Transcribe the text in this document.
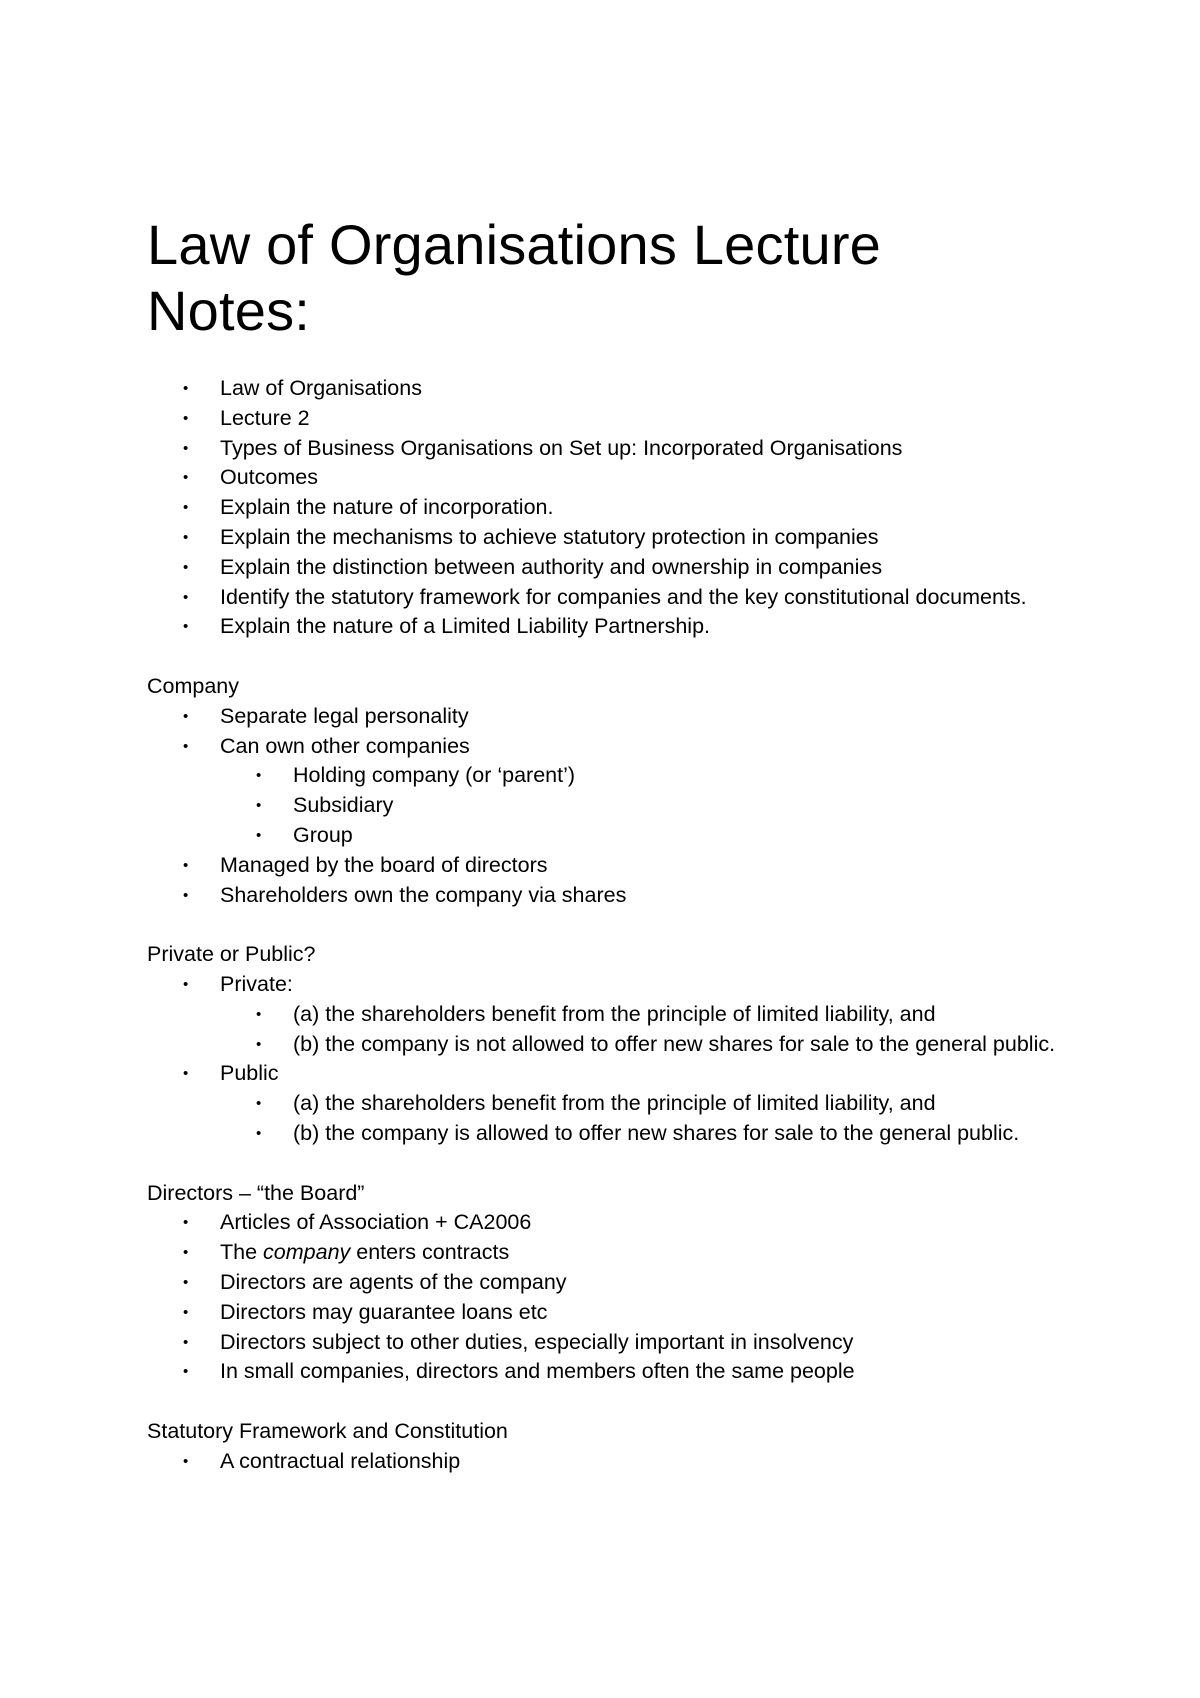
Law of Organisations Lecture
Notes:
• Law of Organisations
• Lecture 2
• Types of Business Organisations on Set up: Incorporated Organisations
• Outcomes
• Explain the nature of incorporation.
• Explain the mechanisms to achieve statutory protection in companies
• Explain the distinction between authority and ownership in companies
• Identify the statutory framework for companies and the key constitutional documents.
• Explain the nature of a Limited Liability Partnership.

Company

• Separate legal personality
• Can own other companies
• Holding company (or ‘parent’)
• Subsidiary
• Group
• Managed by the board of directors
• Shareholders own the company via shares

Private or Public?

• Private:
• (a) the shareholders benefit from the principle of limited liability, and
• (b) the company is not allowed to offer new shares for sale to the general public.
• Public
• (a) the shareholders benefit from the principle of limited liability, and
• (b) the company is allowed to offer new shares for sale to the general public.

Directors – “the Board”

• Articles of Association + CA2006
• The company enters contracts
• Directors are agents of the company
• Directors may guarantee loans etc
• Directors subject to other duties, especially important in insolvency
• In small companies, directors and members often the same people

Statutory Framework and Constitution

• A contractual relationship
